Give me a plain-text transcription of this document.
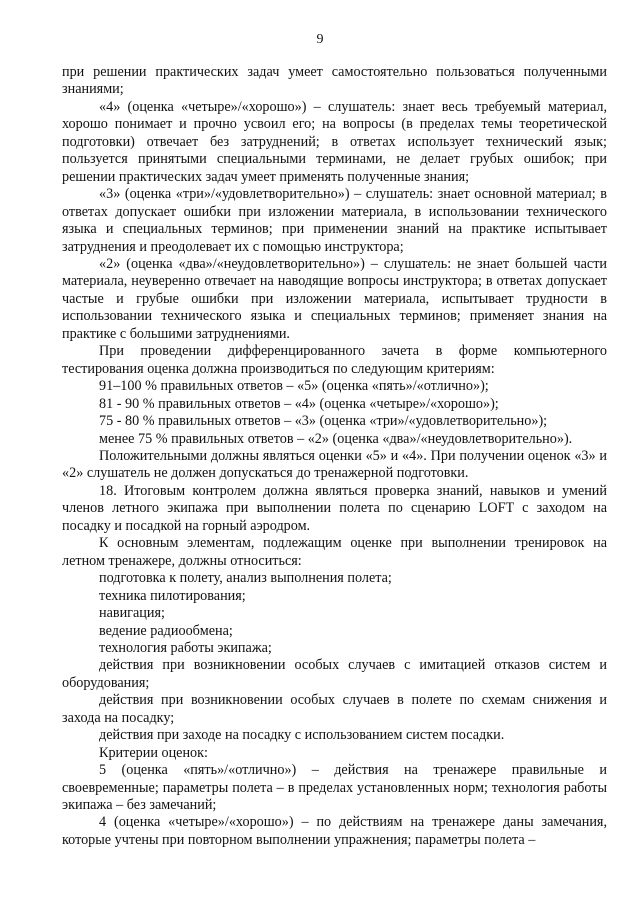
9

при решении практических задач умеет самостоятельно пользоваться полученными знаниями;

«4» (оценка «четыре»/«хорошо») – слушатель: знает весь требуемый материал, хорошо понимает и прочно усвоил его; на вопросы (в пределах темы теоретической подготовки) отвечает без затруднений; в ответах использует технический язык; пользуется принятыми специальными терминами, не делает грубых ошибок; при решении практических задач умеет применять полученные знания;

«3» (оценка «три»/«удовлетворительно») – слушатель: знает основной материал; в ответах допускает ошибки при изложении материала, в использовании технического языка и специальных терминов; при применении знаний на практике испытывает затруднения и преодолевает их с помощью инструктора;

«2» (оценка «два»/«неудовлетворительно») – слушатель: не знает большей части материала, неуверенно отвечает на наводящие вопросы инструктора; в ответах допускает частые и грубые ошибки при изложении материала, испытывает трудности в использовании технического языка и специальных терминов; применяет знания на практике с большими затруднениями.

При проведении дифференцированного зачета в форме компьютерного тестирования оценка должна производиться по следующим критериям:

91–100 % правильных ответов – «5» (оценка «пять»/«отлично»);

81 - 90 % правильных ответов – «4» (оценка «четыре»/«хорошо»);

75 - 80 % правильных ответов – «3» (оценка «три»/«удовлетворительно»);

менее 75 % правильных ответов – «2» (оценка «два»/«неудовлетворительно»).

Положительными должны являться оценки «5» и «4». При получении оценок «3» и «2» слушатель не должен допускаться до тренажерной подготовки.

18. Итоговым контролем должна являться проверка знаний, навыков и умений членов летного экипажа при выполнении полета по сценарию LOFT с заходом на посадку и посадкой на горный аэродром.

К основным элементам, подлежащим оценке при выполнении тренировок на летном тренажере, должны относиться:

подготовка к полету, анализ выполнения полета;

техника пилотирования;

навигация;

ведение радиообмена;

технология работы экипажа;

действия при возникновении особых случаев с имитацией отказов систем и оборудования;

действия при возникновении особых случаев в полете по схемам снижения и захода на посадку;

действия при заходе на посадку с использованием систем посадки.

Критерии оценок:

5 (оценка «пять»/«отлично») – действия на тренажере правильные и своевременные; параметры полета – в пределах установленных норм; технология работы экипажа – без замечаний;

4 (оценка «четыре»/«хорошо») – по действиям на тренажере даны замечания, которые учтены при повторном выполнении упражнения; параметры полета –
